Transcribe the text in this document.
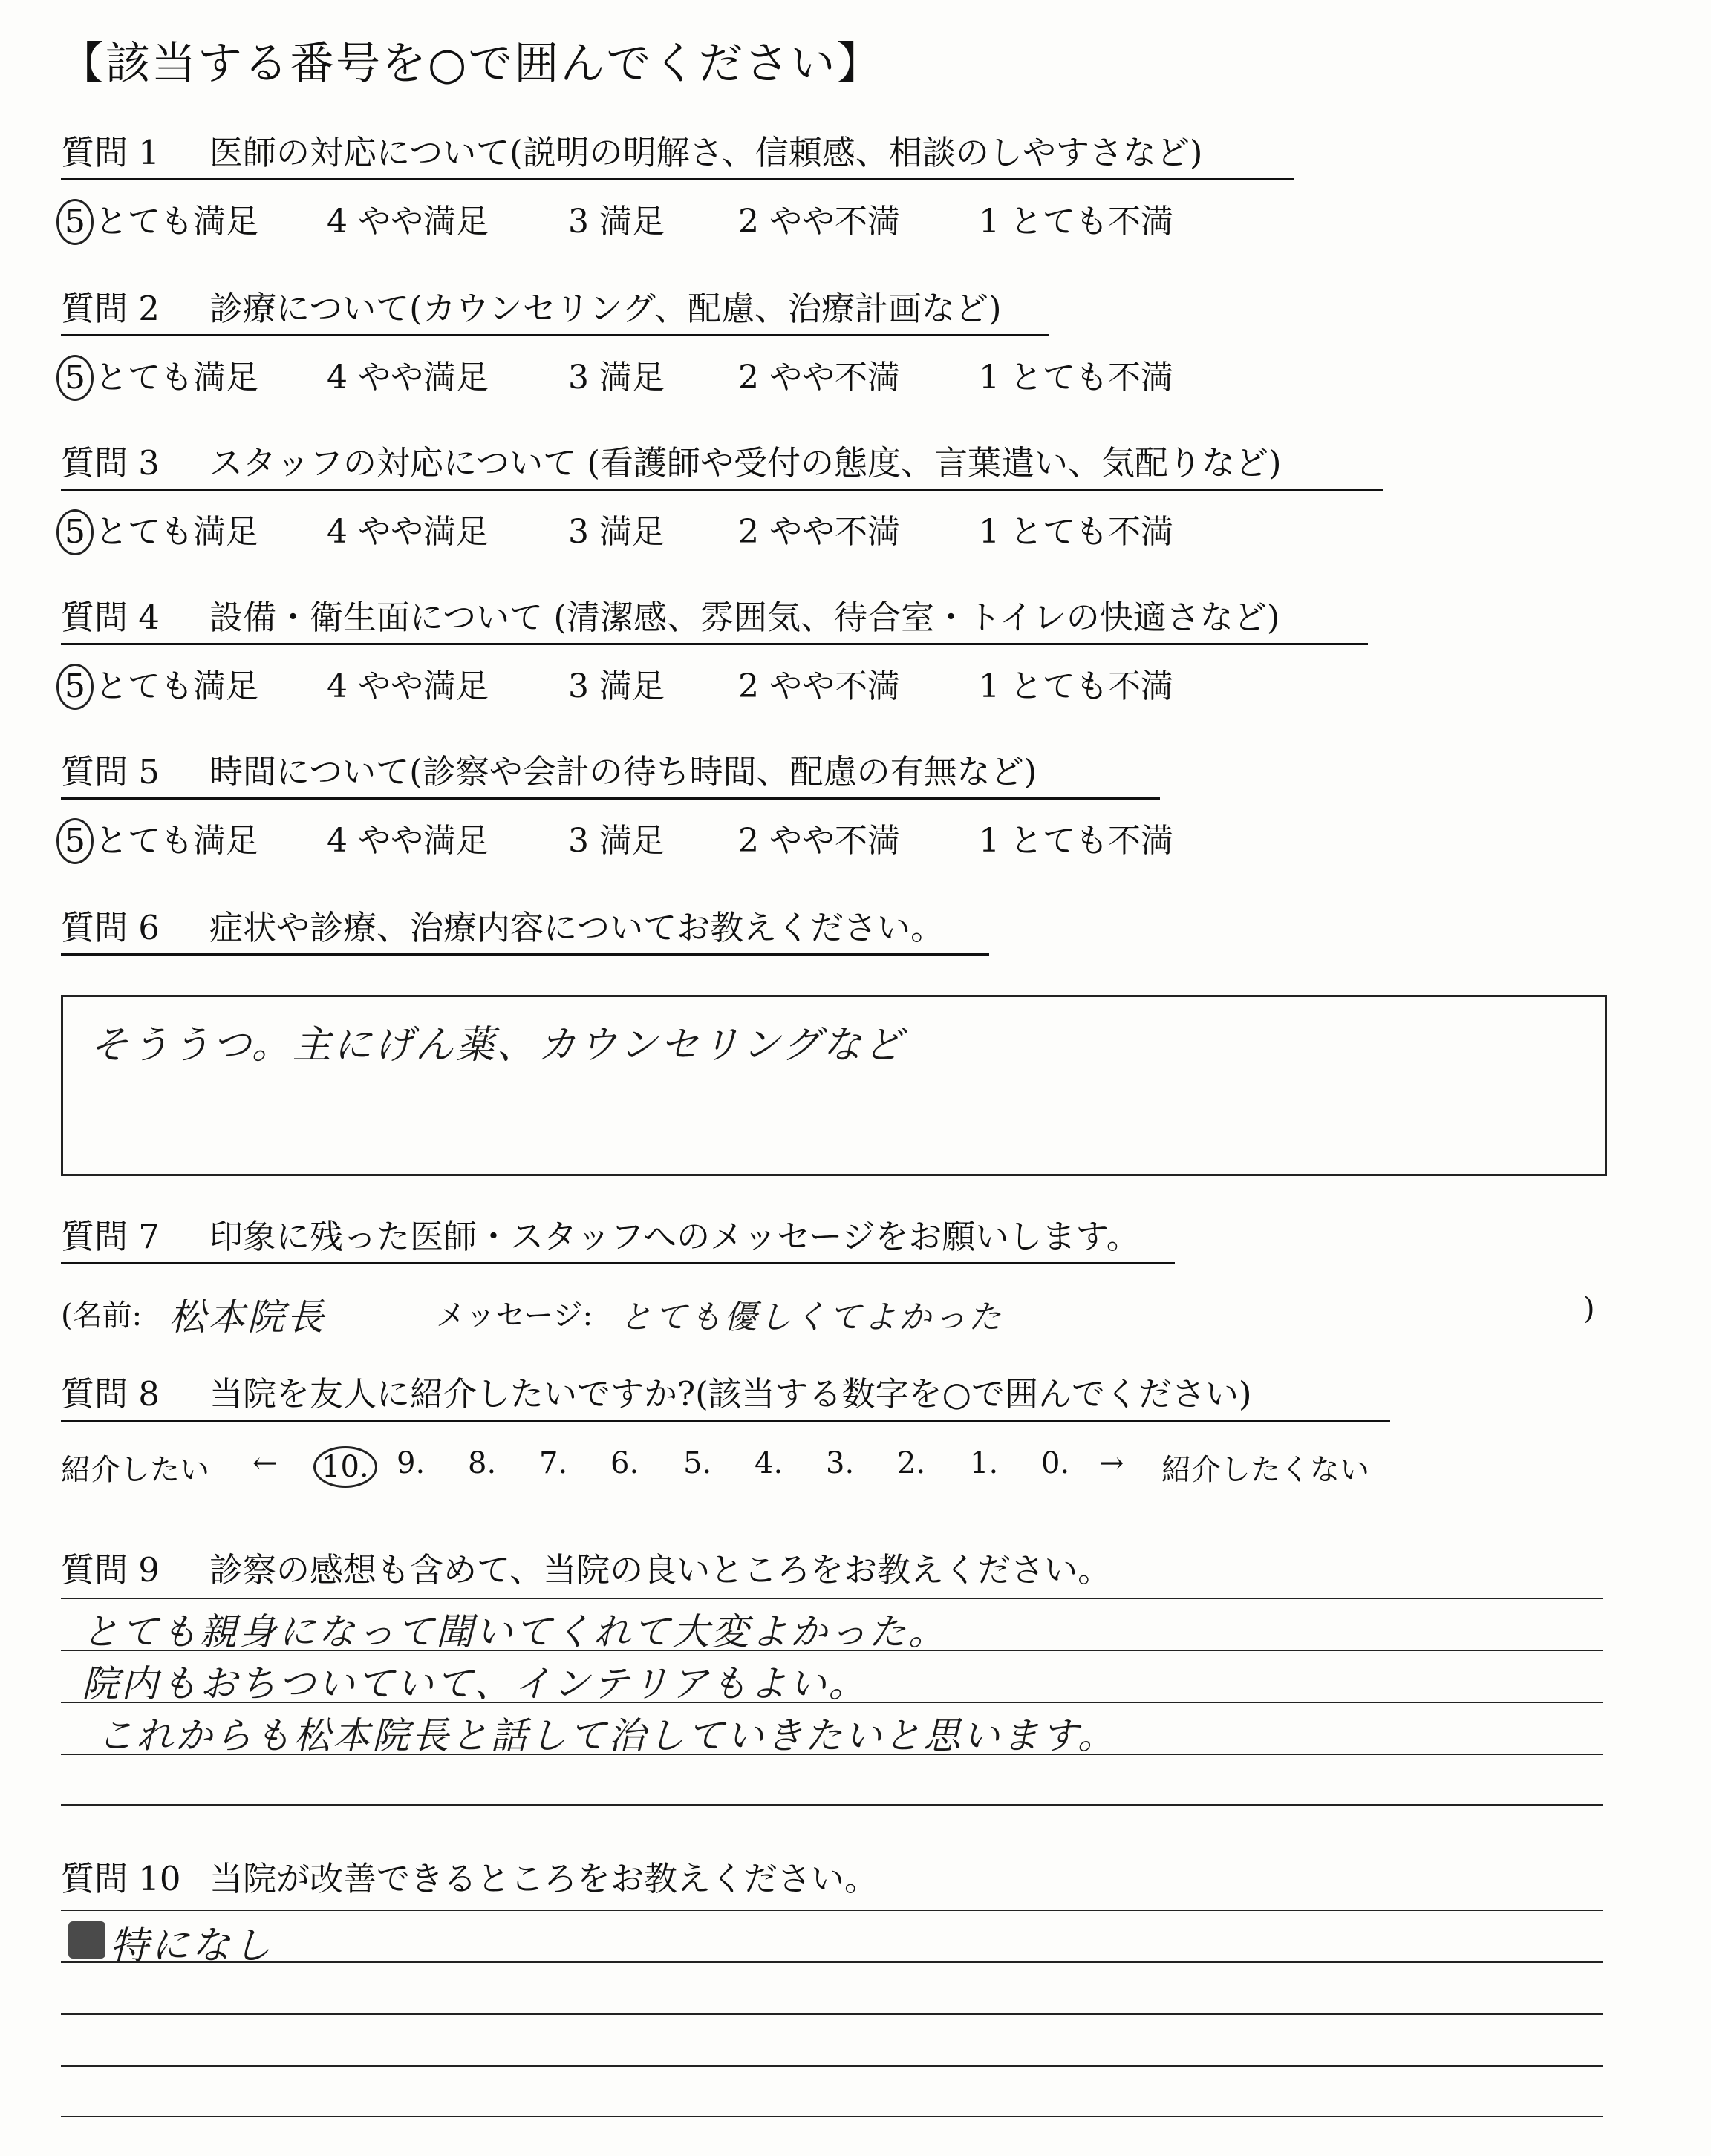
【該当する番号を○で囲んでください】
質問 1 医師の対応について(説明の明解さ、信頼感、相談のしやすさなど)
5 とても満足 4 やや満足 3 満足 2 やや不満 1 とても不満
質問 2 診療について(カウンセリング、配慮、治療計画など)
5 とても満足 4 やや満足 3 満足 2 やや不満 1 とても不満
質問 3 スタッフの対応について (看護師や受付の態度、言葉遣い、気配りなど)
5 とても満足 4 やや満足 3 満足 2 やや不満 1 とても不満
質問 4 設備・衛生面について (清潔感、雰囲気、待合室・トイレの快適さなど)
5 とても満足 4 やや満足 3 満足 2 やや不満 1 とても不満
質問 5 時間について(診察や会計の待ち時間、配慮の有無など)
5 とても満足 4 やや満足 3 満足 2 やや不満 1 とても不満
質問 6 症状や診療、治療内容についてお教えください。
そううつ。主にげん薬、カウンセリングなど
質問 7 印象に残った医師・スタッフへのメッセージをお願いします。
(名前: 松本院長	メッセージ: とても優しくてよかった	)
質問 8 当院を友人に紹介したいですか?(該当する数字を○で囲んでください)
紹介したい ← 10. 9. 8. 7. 6. 5. 4. 3. 2. 1. 0. → 紹介したくない
質問 9 診察の感想も含めて、当院の良いところをお教えください。
とても親身になって聞いてくれて大変よかった。
院内もおちついていて、インテリアもよい。
これからも松本院長と話して治していきたいと思います。
質問 10 当院が改善できるところをお教えください。
特になし
